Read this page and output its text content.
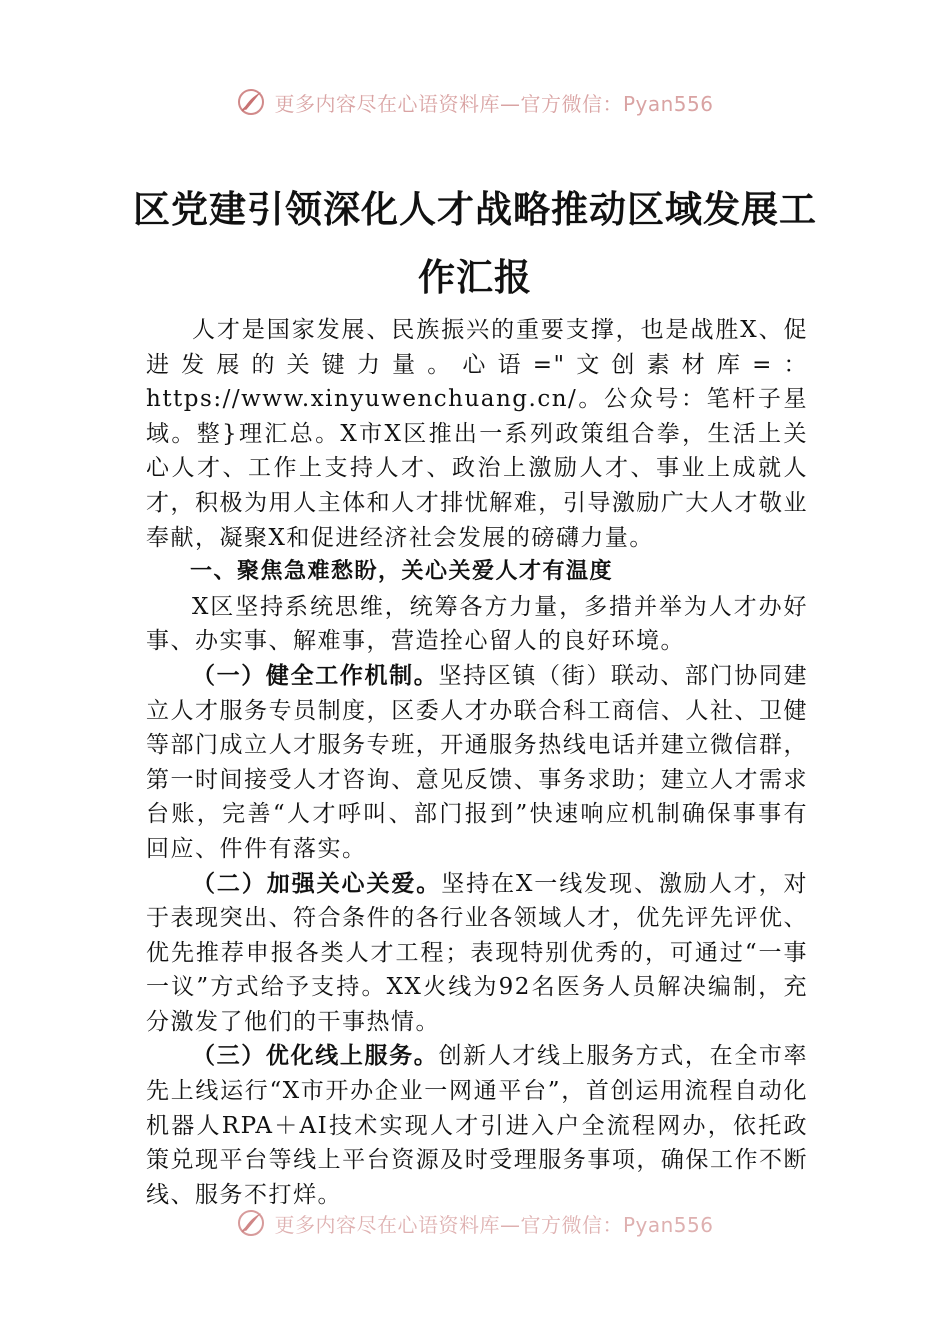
更多内容尽在心语资料库—官方微信：Pyan556
区党建引领深化人才战略推动区域发展工
作汇报

人才是国家发展、民族振兴的重要支撑，也是战胜X、促进发展的关键力量。心语="文创素材库=：https://www.xinyuwenchuang.cn/。公众号：笔杆子星域。整}理汇总。X市X区推出一系列政策组合拳，生活上关心人才、工作上支持人才、政治上激励人才、事业上成就人才，积极为用人主体和人才排忧解难，引导激励广大人才敬业奉献，凝聚X和促进经济社会发展的磅礴力量。

一、聚焦急难愁盼，关心关爱人才有温度

X区坚持系统思维，统筹各方力量，多措并举为人才办好事、办实事、解难事，营造拴心留人的良好环境。

（一）健全工作机制。坚持区镇（街）联动、部门协同建立人才服务专员制度，区委人才办联合科工商信、人社、卫健等部门成立人才服务专班，开通服务热线电话并建立微信群，第一时间接受人才咨询、意见反馈、事务求助；建立人才需求台账，完善“人才呼叫、部门报到”快速响应机制确保事事有回应、件件有落实。

（二）加强关心关爱。坚持在X一线发现、激励人才，对于表现突出、符合条件的各行业各领域人才，优先评先评优、优先推荐申报各类人才工程；表现特别优秀的，可通过“一事一议”方式给予支持。XX火线为92名医务人员解决编制，充分激发了他们的干事热情。

（三）优化线上服务。创新人才线上服务方式，在全市率先上线运行“X市开办企业一网通平台”，首创运用流程自动化机器人RPA＋AI技术实现人才引进入户全流程网办，依托政策兑现平台等线上平台资源及时受理服务事项，确保工作不断线、服务不打烊。

更多内容尽在心语资料库—官方微信：Pyan556
